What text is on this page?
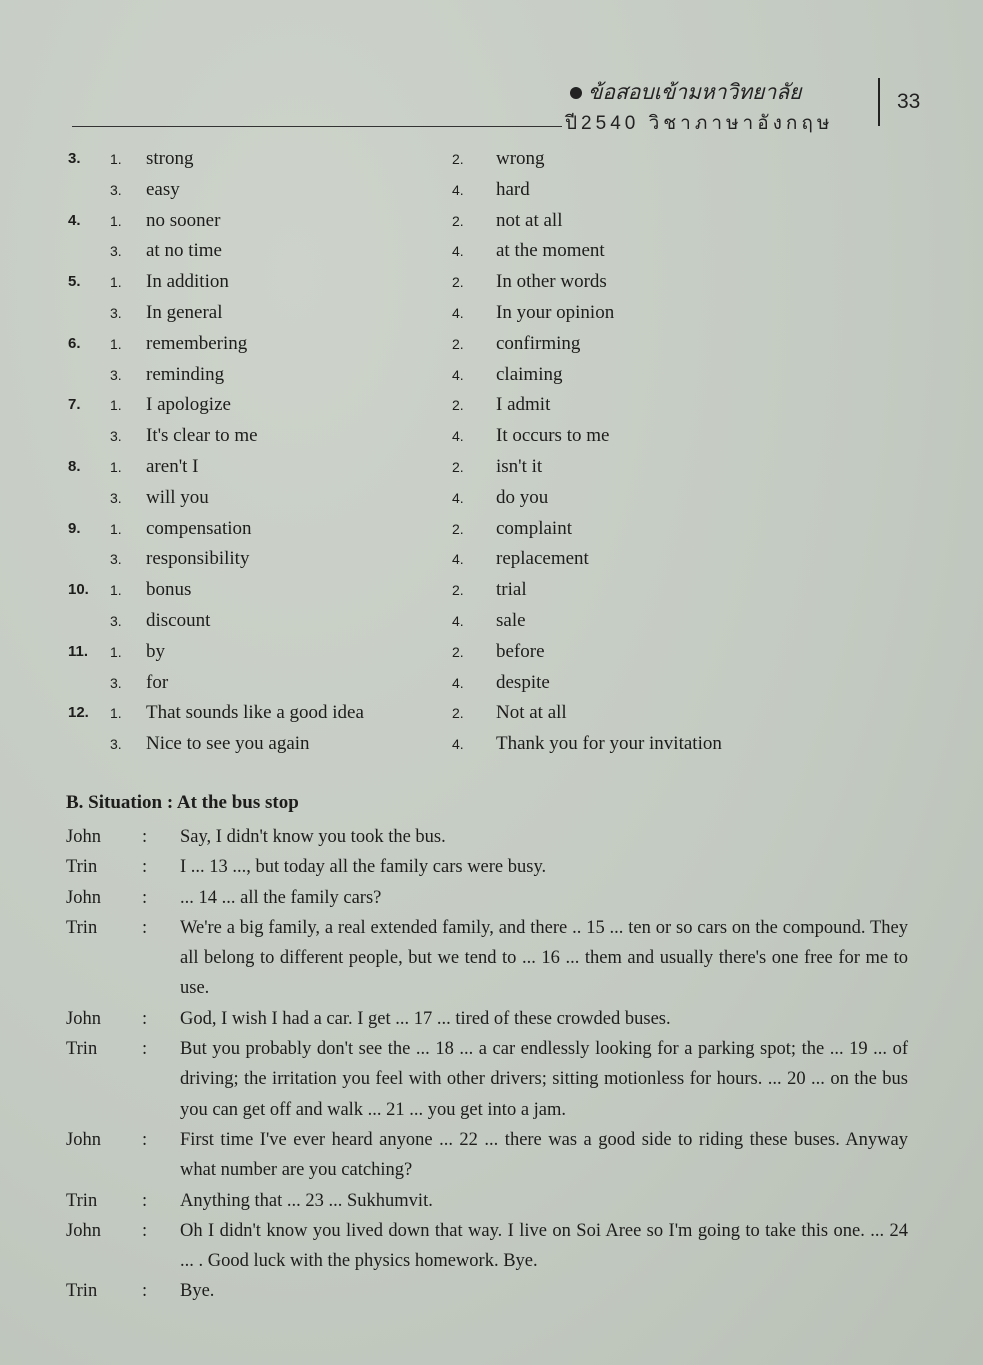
ข้อสอบเข้ามหาวิทยาลัย
ปี2540 วิชาภาษาอังกฤษ
33
3. 1. strong	2. wrong
3. easy	4. hard
4. 1. no sooner	2. not at all
3. at no time	4. at the moment
5. 1. In addition	2. In other words
3. In general	4. In your opinion
6. 1. remembering	2. confirming
3. reminding	4. claiming
7. 1. I apologize	2. I admit
3. It's clear to me	4. It occurs to me
8. 1. aren't I	2. isn't it
3. will you	4. do you
9. 1. compensation	2. complaint
3. responsibility	4. replacement
10. 1. bonus	2. trial
3. discount	4. sale
11. 1. by	2. before
3. for	4. despite
12. 1. That sounds like a good idea	2. Not at all
3. Nice to see you again	4. Thank you for your invitation
B. Situation : At the bus stop
John : Say, I didn't know you took the bus.
Trin : I ... 13 ..., but today all the family cars were busy.
John : ... 14 ... all the family cars?
Trin : We're a big family, a real extended family, and there .. 15 ... ten or so cars on the compound. They all belong to different people, but we tend to ... 16 ... them and usually there's one free for me to use.
John : God, I wish I had a car. I get ... 17 ... tired of these crowded buses.
Trin : But you probably don't see the ... 18 ... a car endlessly looking for a parking spot; the ... 19 ... of driving; the irritation you feel with other drivers; sitting motionless for hours. ... 20 ... on the bus you can get off and walk ... 21 ... you get into a jam.
John : First time I've ever heard anyone ... 22 ... there was a good side to riding these buses. Anyway what number are you catching?
Trin : Anything that ... 23 ... Sukhumvit.
John : Oh I didn't know you lived down that way. I live on Soi Aree so I'm going to take this one. ... 24 ... . Good luck with the physics homework. Bye.
Trin : Bye.
